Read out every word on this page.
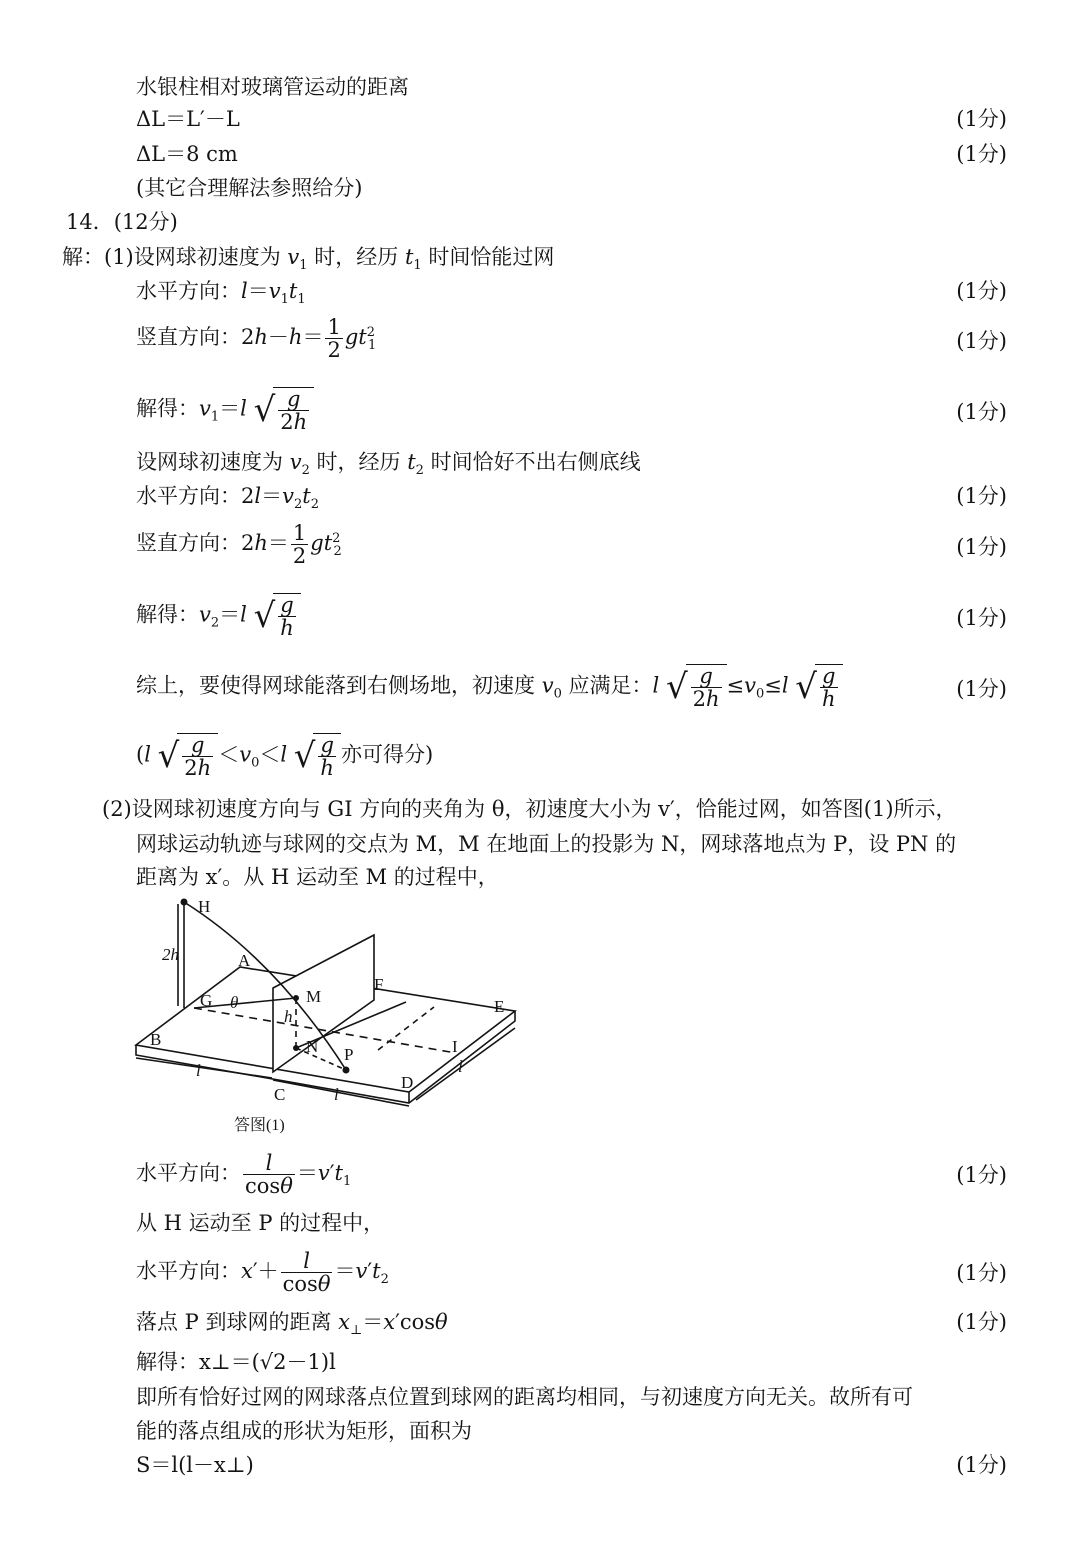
水银柱相对玻璃管运动的距离
ΔL＝L′－L	(1分)
ΔL＝8 cm	(1分)
(其它合理解法参照给分)
14．(12分)
解：(1)设网球初速度为 $v_1$ 时，经历 $t_1$ 时间恰能过网
水平方向：$l=v_1t_1$	(1分)
竖直方向：$2h-h= \frac{1}{2} gt^2_1$	(1分)
解得：$v_1=l$ √ $\frac{g}{2h}$	(1分)
设网球初速度为 $v_2$ 时，经历 $t_2$ 时间恰好不出右侧底线
水平方向：$2l=v_2t_2$	(1分)
竖直方向：$2h= \frac{1}{2} gt^2_2$	(1分)
解得：$v_2=l$ √ $\frac{g}{h}$	(1分)
综上，要使得网球能落到右侧场地，初速度 $v_0$ 应满足：l √ $\frac{g}{2h} \le v_0\le l$ √ $\frac{g}{h}$	(1分)
(l √ $\frac{g}{2h} <v_0<l$ √ $\frac{g}{h}$ 亦可得分)
(2)设网球初速度方向与 GI 方向的夹角为 θ，初速度大小为 v′，恰能过网，如答图(1)所示，
网球运动轨迹与球网的交点为 M，M 在地面上的投影为 N，网球落地点为 P，设 PN 的
距离为 x′。从 H 运动至 M 的过程中，
H
2h	A
F
M
G θ
h
E
B	N P	I
l
C	l
D
l
答图(1)
水平方向： $\frac{l}{\cos\theta} =v't_1$	(1分)
从 H 运动至 P 的过程中，
水平方向：$x'+ \frac{l}{\cos\theta} =v't_2$	(1分)
落点 P 到球网的距离 $x_\perp=x'\cos\theta$	(1分)
解得：x⊥＝(√2－1)l
即所有恰好过网的网球落点位置到球网的距离均相同，与初速度方向无关。故所有可
能的落点组成的形状为矩形，面积为
S＝l(l－x⊥)	(1分)
